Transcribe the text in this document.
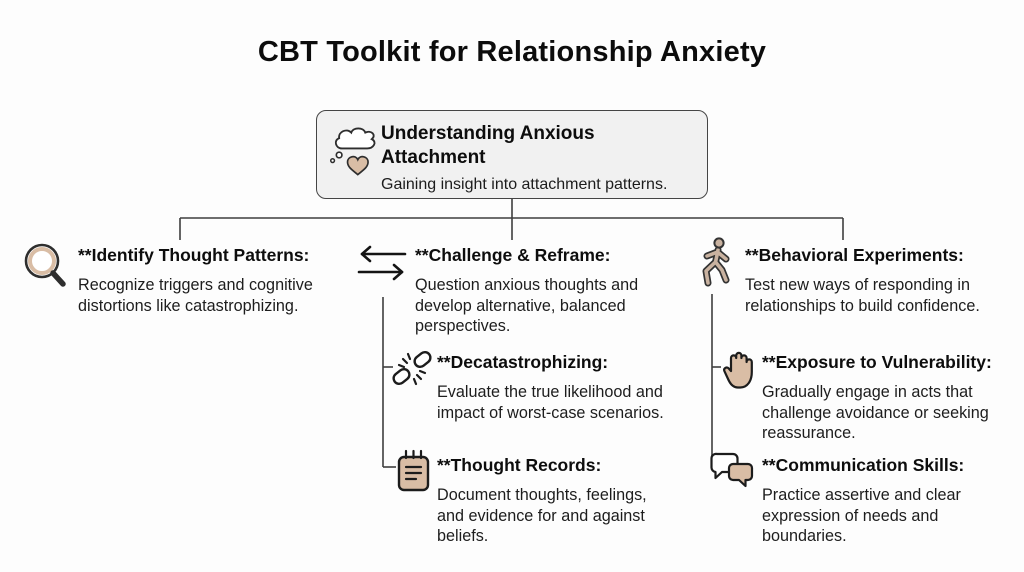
CBT Toolkit for Relationship Anxiety
Understanding Anxious Attachment
Gaining insight into attachment patterns.
**Identify Thought Patterns:
Recognize triggers and cognitive distortions like catastrophizing.
**Challenge & Reframe:
Question anxious thoughts and develop alternative, balanced perspectives.
**Decatastrophizing:
Evaluate the true likelihood and impact of worst-case scenarios.
**Thought Records:
Document thoughts, feelings, and evidence for and against beliefs.
**Behavioral Experiments:
Test new ways of responding in relationships to build confidence.
**Exposure to Vulnerability:
Gradually engage in acts that challenge avoidance or seeking reassurance.
**Communication Skills:
Practice assertive and clear expression of needs and boundaries.
